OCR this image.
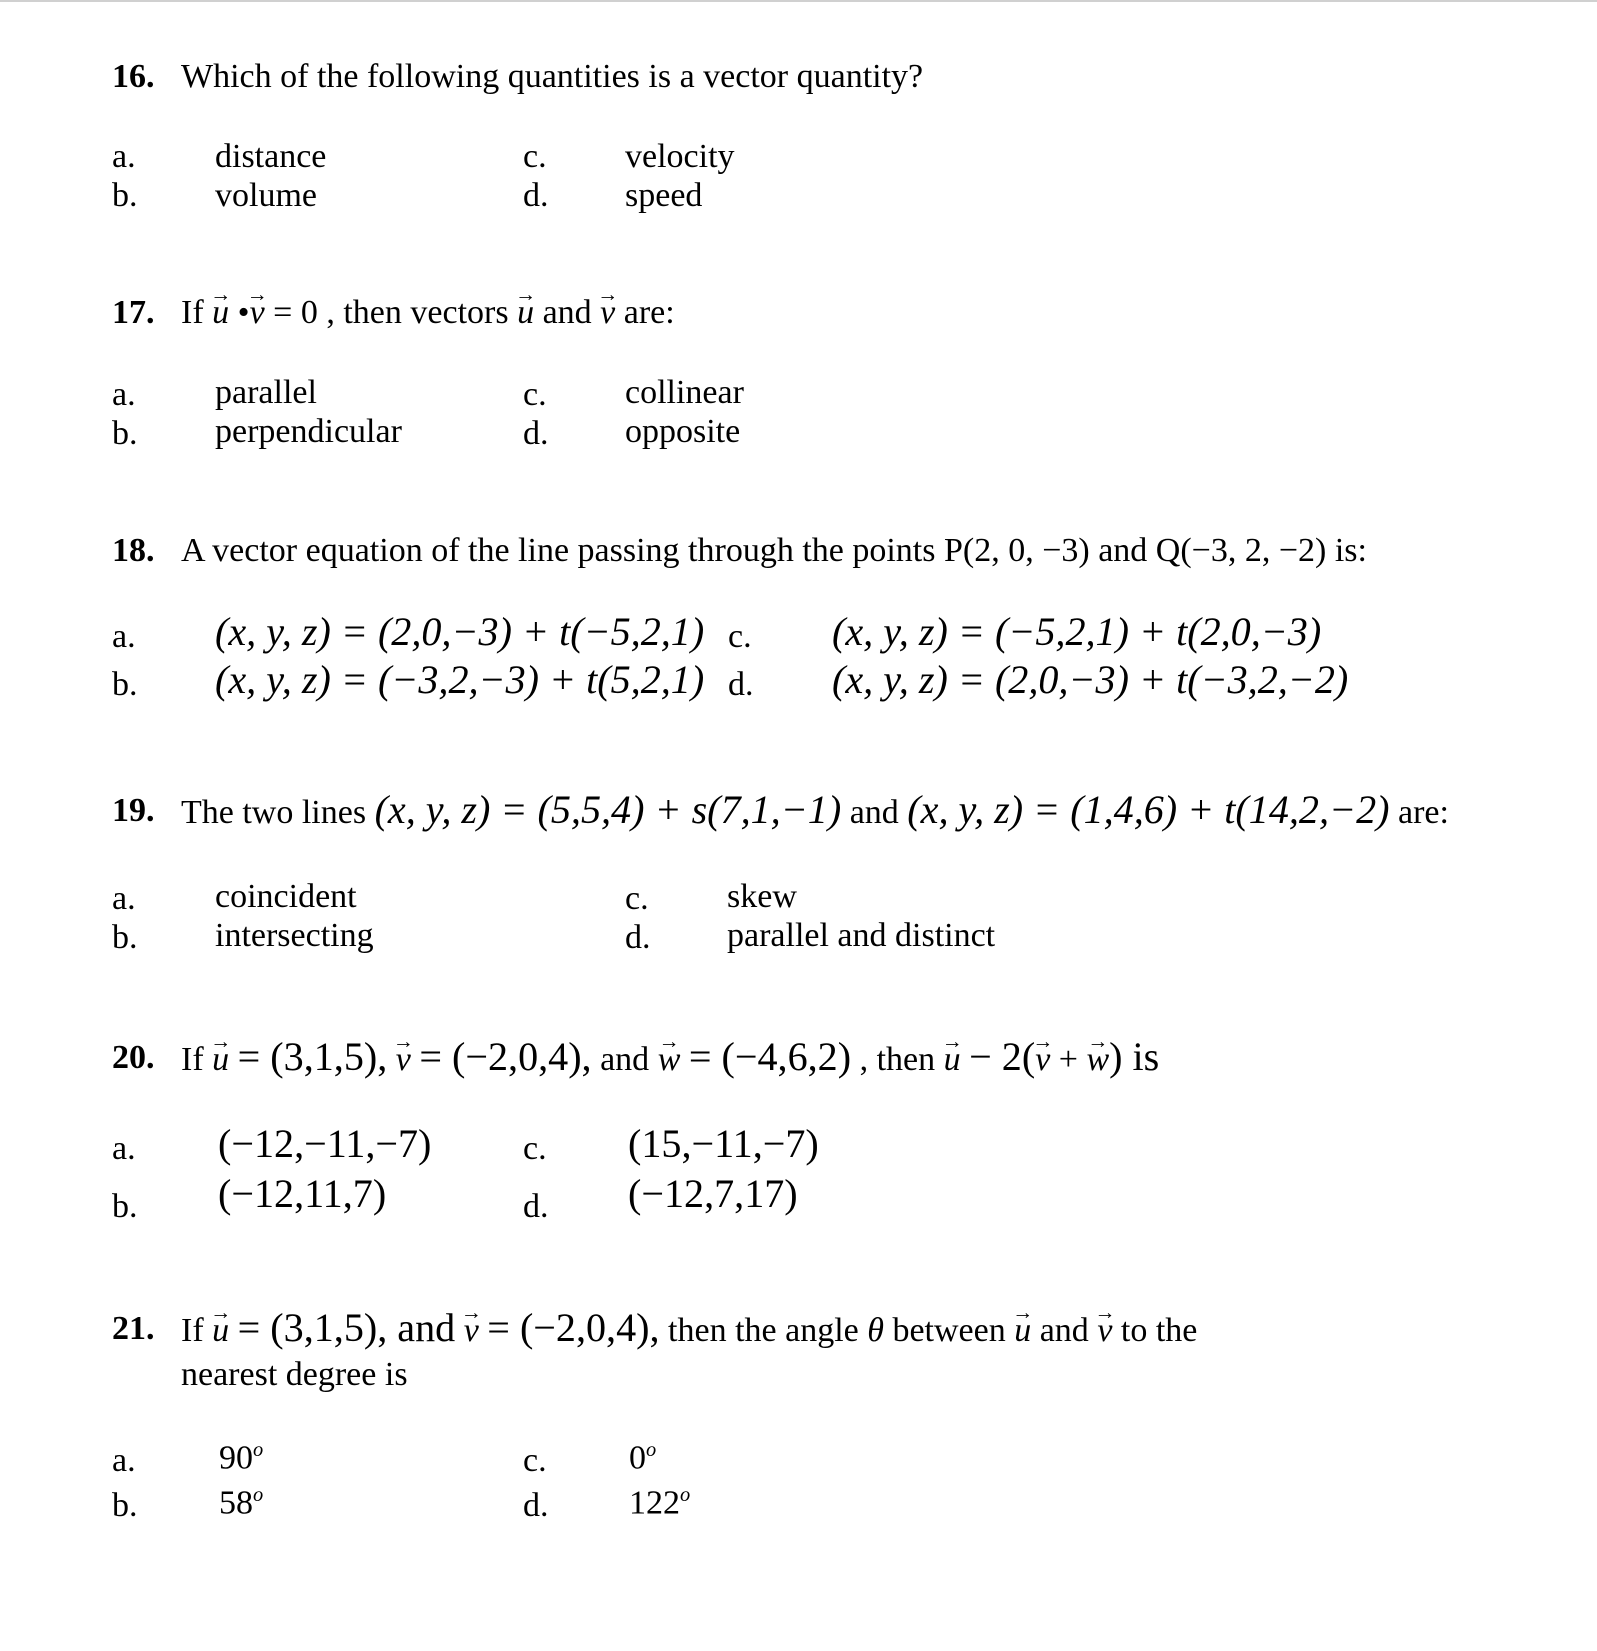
16. Which of the following quantities is a vector quantity?
a. distance
b. volume
c. velocity
d. speed
17. If → u •→ v = 0 , then vectors → u and → v are:
a. parallel
b. perpendicular
c. collinear
d. opposite
18. A vector equation of the line passing through the points P(2, 0, −3) and Q(−3, 2, −2) is:
a. (x, y, z) = (2,0,−3) + t(−5,2,1)
b. (x, y, z) = (−3,2,−3) + t(5,2,1)
c. (x, y, z) = (−5,2,1) + t(2,0,−3)
d. (x, y, z) = (2,0,−3) + t(−3,2,−2)
19. The two lines (x, y, z) = (5,5,4) + s(7,1,−1) and (x, y, z) = (1,4,6) + t(14,2,−2) are:
a. coincident
b. intersecting
c. skew
d. parallel and distinct
20. If → u = (3,1,5), → v = (−2,0,4), and → w = (−4,6,2) , then → u − 2(→ v + → w) is
a. (−12,−11,−7)
b. (−12,11,7)
c. (15,−11,−7)
d. (−12,7,17)
21. If → u = (3,1,5), and → v = (−2,0,4), then the angle θ between → u and → v to the
nearest degree is
a. 90$^o$
b. 58$^o$
c. 0$^o$
d. 122$^o$
